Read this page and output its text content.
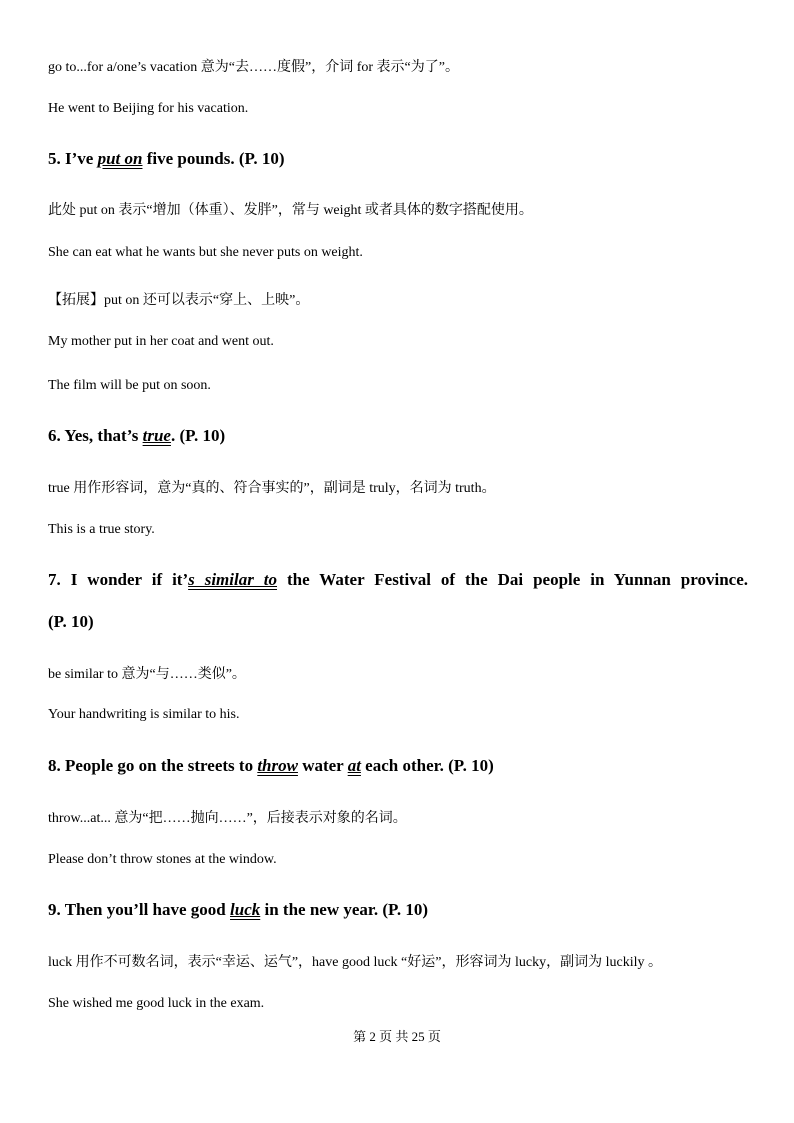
go to...for a/one’s vacation 意为“去……度假”，介词 for 表示“为了”。
He went to Beijing for his vacation.
5. I’ve put on five pounds. (P. 10)
此处 put on 表示“增加（体重）、发胖”，常与 weight 或者具体的数字搭配使用。
She can eat what he wants but she never puts on weight.
【拓展】put on 还可以表示“穿上、上映”。
My mother put in her coat and went out.
The film will be put on soon.
6. Yes, that’s true. (P. 10)
true 用作形容词，意为“真的、符合事实的”，副词是 truly，名词为 truth。
This is a true story.
7. I wonder if it’s similar to the Water Festival of the Dai people in Yunnan province.
(P. 10)
be similar to 意为“与……类似”。
Your handwriting is similar to his.
8. People go on the streets to throw water at each other. (P. 10)
throw...at... 意为“把……抛向……”，后接表示对象的名词。
Please don’t throw stones at the window.
9. Then you’ll have good luck in the new year. (P. 10)
luck 用作不可数名词，表示“幸运、运气”，have good luck “好运”，形容词为 lucky，副词为 luckily 。
She wished me good luck in the exam.
第 2 页 共 25 页
